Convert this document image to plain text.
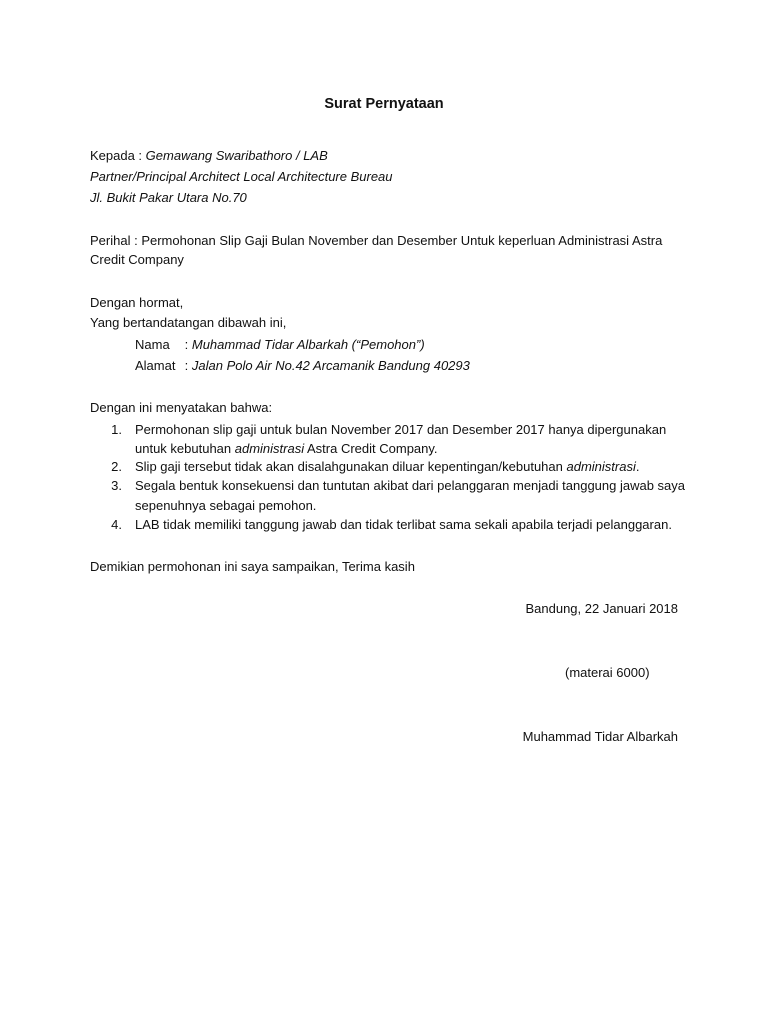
Surat Pernyataan
Kepada : Gemawang Swaribathoro / LAB
Partner/Principal Architect Local Architecture Bureau
Jl. Bukit Pakar Utara No.70
Perihal : Permohonan Slip Gaji Bulan November dan Desember Untuk keperluan Administrasi Astra
Credit Company
Dengan hormat,
Yang bertandatangan dibawah ini,
Nama : Muhammad Tidar Albarkah (“Pemohon”)
Alamat : Jalan Polo Air No.42 Arcamanik Bandung 40293
Dengan ini menyatakan bahwa:
1. Permohonan slip gaji untuk bulan November 2017 dan Desember 2017 hanya dipergunakan
untuk kebutuhan administrasi Astra Credit Company.
2. Slip gaji tersebut tidak akan disalahgunakan diluar kepentingan/kebutuhan administrasi.
3. Segala bentuk konsekuensi dan tuntutan akibat dari pelanggaran menjadi tanggung jawab saya
sepenuhnya sebagai pemohon.
4. LAB tidak memiliki tanggung jawab dan tidak terlibat sama sekali apabila terjadi pelanggaran.
Demikian permohonan ini saya sampaikan, Terima kasih
Bandung, 22 Januari 2018
(materai 6000)
Muhammad Tidar Albarkah
